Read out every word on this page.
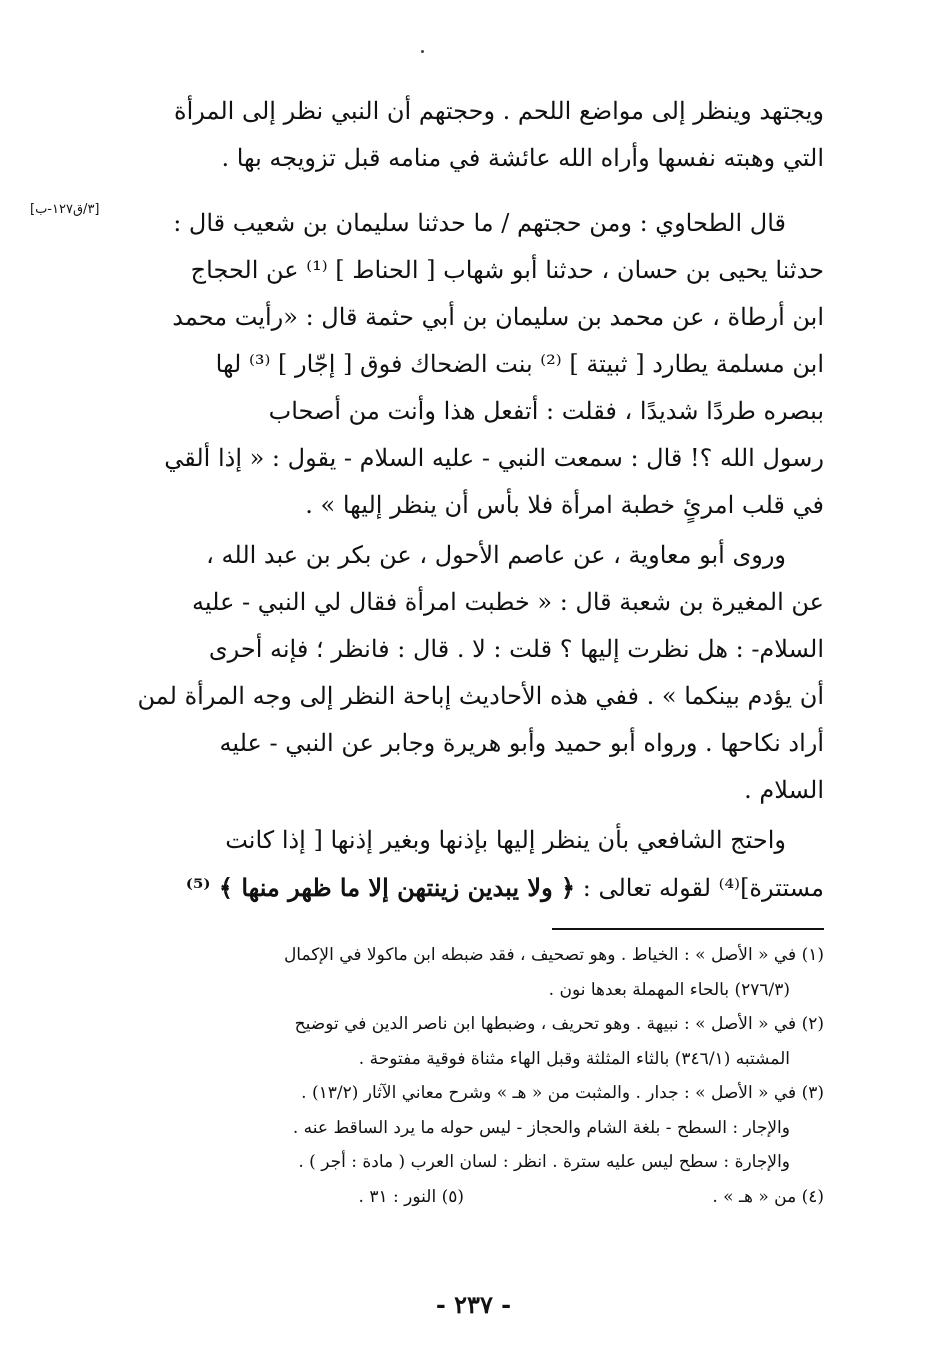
ويجتهد وينظر إلى مواضع اللحم . وحجتهم أن النبي نظر إلى المرأة
التي وهبته نفسها وأراه الله عائشة في منامه قبل تزويجه بها .
[٣/ق١٢٧-ب]	قال الطحاوي : ومن حجتهم / ما حدثنا سليمان بن شعيب قال :
حدثنا يحيى بن حسان ، حدثنا أبو شهاب [ الحناط ] ⁽¹⁾ عن الحجاج
ابن أرطاة ، عن محمد بن سليمان بن أبي حثمة قال : «رأيت محمد
ابن مسلمة يطارد [ ثبيتة ] ⁽²⁾ بنت الضحاك فوق [ إجّار ] ⁽³⁾ لها
ببصره طردًا شديدًا ، فقلت : أتفعل هذا وأنت من أصحاب
رسول الله ؟! قال : سمعت النبي - عليه السلام - يقول : « إذا ألقي
في قلب امرئٍ خطبة امرأة فلا بأس أن ينظر إليها » .
وروى أبو معاوية ، عن عاصم الأحول ، عن بكر بن عبد الله ،
عن المغيرة بن شعبة قال : « خطبت امرأة فقال لي النبي - عليه
السلام- : هل نظرت إليها ؟ قلت : لا . قال : فانظر ؛ فإنه أحرى
أن يؤدم بينكما » . ففي هذه الأحاديث إباحة النظر إلى وجه المرأة لمن
أراد نكاحها . ورواه أبو حميد وأبو هريرة وجابر عن النبي - عليه
السلام .
واحتج الشافعي بأن ينظر إليها بإذنها وبغير إذنها [ إذا كانت
مستترة]⁽⁴⁾ لقوله تعالى : ﴿ ولا يبدين زينتهن إلا ما ظهر منها ﴾ ⁽⁵⁾
(١) في « الأصل » : الخياط . وهو تصحيف ، فقد ضبطه ابن ماكولا في الإكمال
(٢٧٦/٣) بالحاء المهملة بعدها نون .
(٢) في « الأصل » : نبيهة . وهو تحريف ، وضبطها ابن ناصر الدين في توضيح
المشتبه (٣٤٦/١) بالثاء المثلثة وقبل الهاء مثناة فوقية مفتوحة .
(٣) في « الأصل » : جدار . والمثبت من « هـ » وشرح معاني الآثار (١٣/٢) .
والإجار : السطح - بلغة الشام والحجاز - ليس حوله ما يرد الساقط عنه .
والإجارة : سطح ليس عليه سترة . انظر : لسان العرب ( مادة : أجر ) .
(٤) من « هـ » .
(٥) النور : ٣١ .
- ٢٣٧ -
